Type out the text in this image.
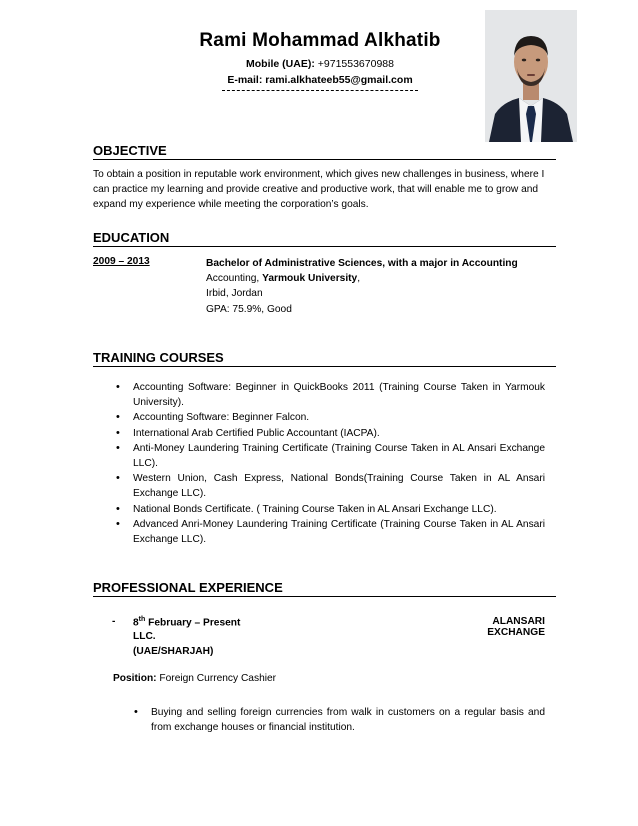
Rami Mohammad Alkhatib
Mobile (UAE): +971553670988
E-mail: rami.alkhateeb55@gmail.com
OBJECTIVE
To obtain a position in reputable work environment, which gives new challenges in business, where I can practice my learning and provide creative and productive work, that will enable me to grow and expand my experience while meeting the corporation’s goals.
EDUCATION
2009 – 2013	Bachelor of Administrative Sciences, with a major in Accounting
Accounting, Yarmouk University,
Irbid, Jordan
GPA: 75.9%, Good
TRAINING COURSES
• Accounting Software: Beginner in QuickBooks 2011 (Training Course Taken in Yarmouk University).
• Accounting Software: Beginner Falcon.
• International Arab Certified Public Accountant (IACPA).
• Anti-Money Laundering Training Certificate (Training Course Taken in AL Ansari Exchange LLC).
• Western Union, Cash Express, National Bonds(Training Course Taken in AL Ansari Exchange LLC).
• National Bonds Certificate. ( Training Course Taken in AL Ansari Exchange LLC).
• Advanced Anri-Money Laundering Training Certificate (Training Course Taken in AL Ansari Exchange LLC).
PROFESSIONAL EXPERIENCE
- 8th February – Present	ALANSARI EXCHANGE
LLC.
(UAE/SHARJAH)
Position: Foreign Currency Cashier
• Buying and selling foreign currencies from walk in customers on a regular basis and from exchange houses or financial institution.
